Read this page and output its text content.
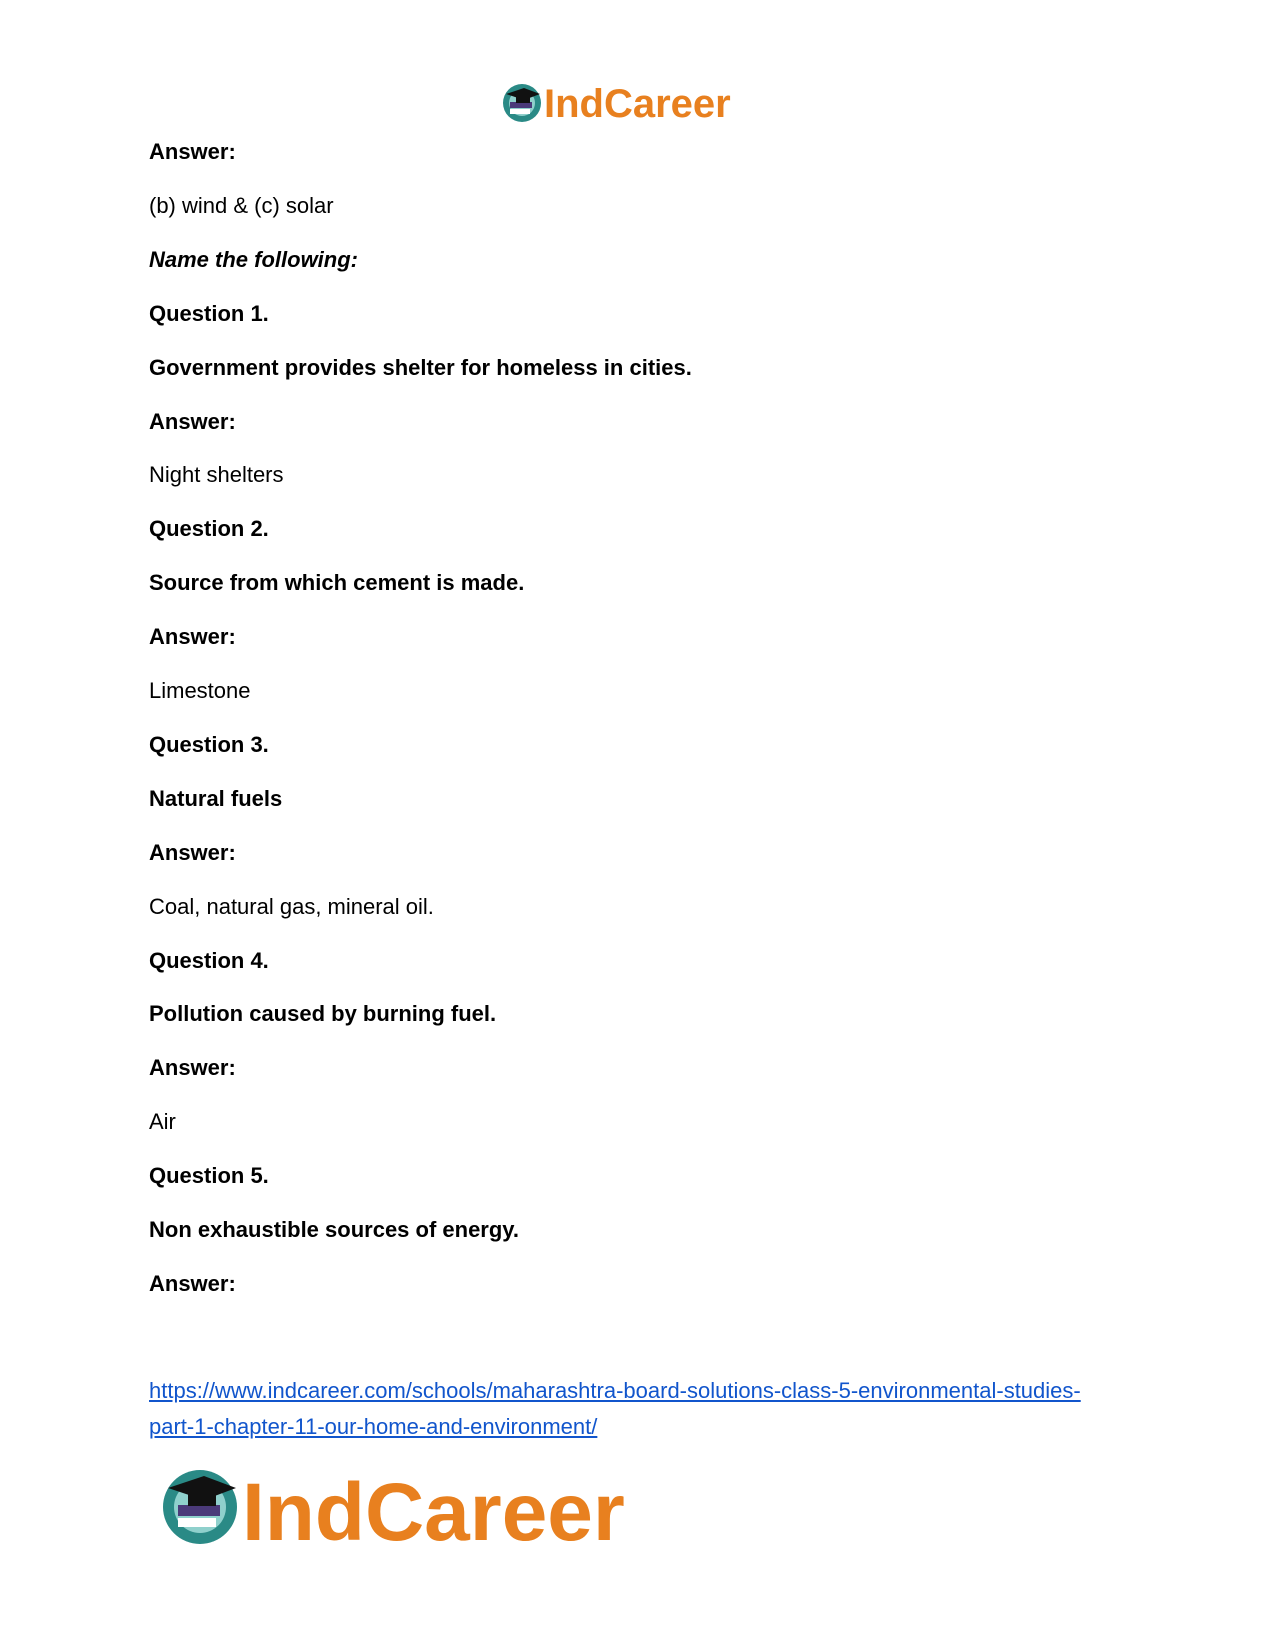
IndCareer
Answer:
(b) wind & (c) solar
Name the following:
Question 1.
Government provides shelter for homeless in cities.
Answer:
Night shelters
Question 2.
Source from which cement is made.
Answer:
Limestone
Question 3.
Natural fuels
Answer:
Coal, natural gas, mineral oil.
Question 4.
Pollution caused by burning fuel.
Answer:
Air
Question 5.
Non exhaustible sources of energy.
Answer:
https://www.indcareer.com/schools/maharashtra-board-solutions-class-5-environmental-studies-
part-1-chapter-11-our-home-and-environment/
IndCareer
